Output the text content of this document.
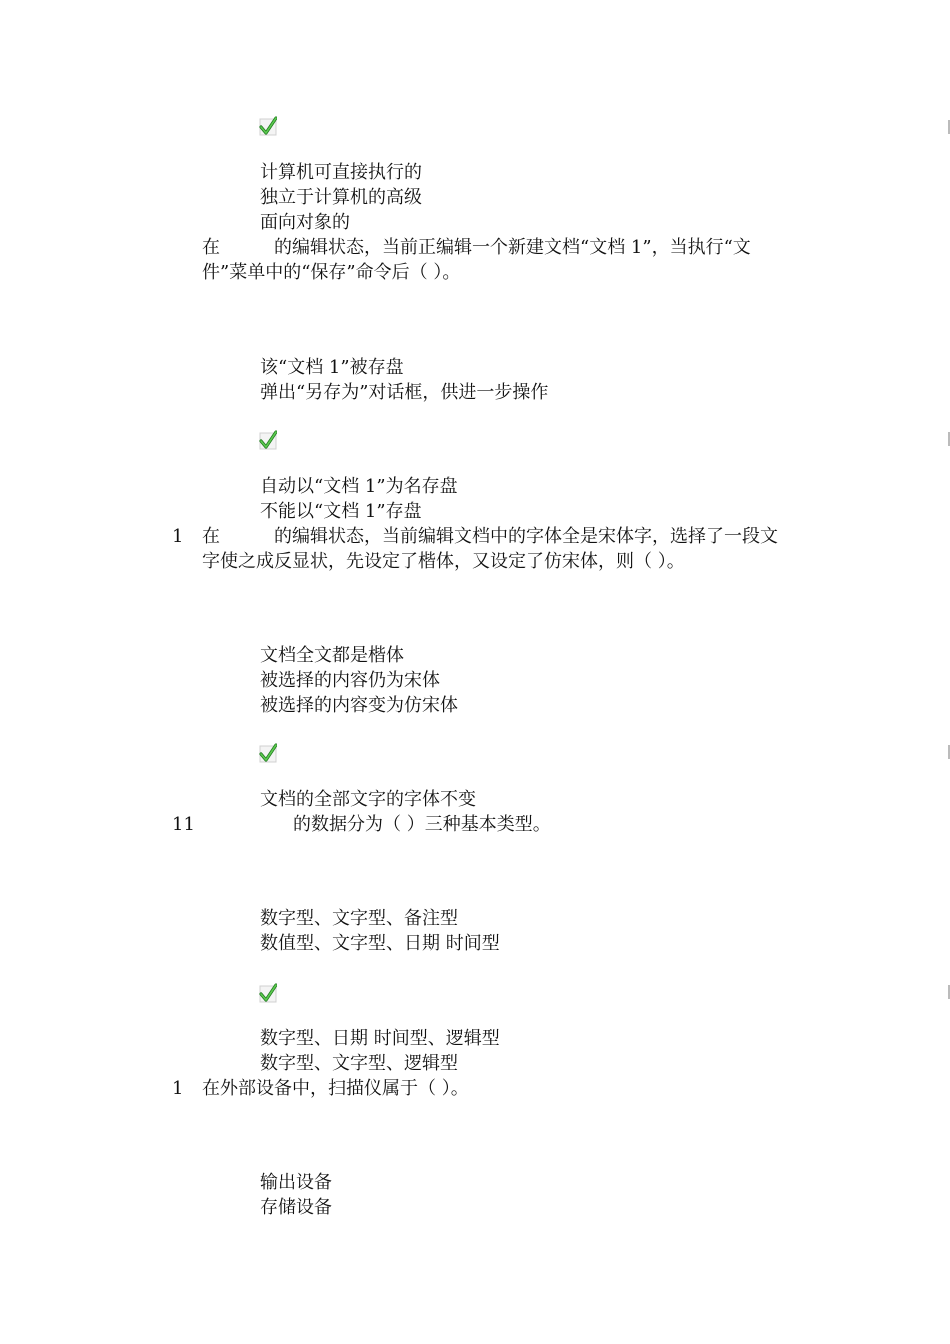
计算机可直接执行的
独立于计算机的高级
面向对象的
在　　　的编辑状态，当前正编辑一个新建文档“文档 1”，当执行“文
件”菜单中的“保存”命令后（ ）。
该“文档 1”被存盘
弹出“另存为”对话框，供进一步操作
自动以“文档 1”为名存盘
不能以“文档 1”存盘
1 在　　　的编辑状态，当前编辑文档中的字体全是宋体字，选择了一段文
字使之成反显状，先设定了楷体，又设定了仿宋体，则（ ）。
文档全文都是楷体
被选择的内容仍为宋体
被选择的内容变为仿宋体
文档的全部文字的字体不变
11	的数据分为（ ）三种基本类型。
数字型、文字型、备注型
数值型、文字型、日期 时间型
数字型、日期 时间型、逻辑型
数字型、文字型、逻辑型
1 在外部设备中，扫描仪属于（ ）。
输出设备
存储设备
